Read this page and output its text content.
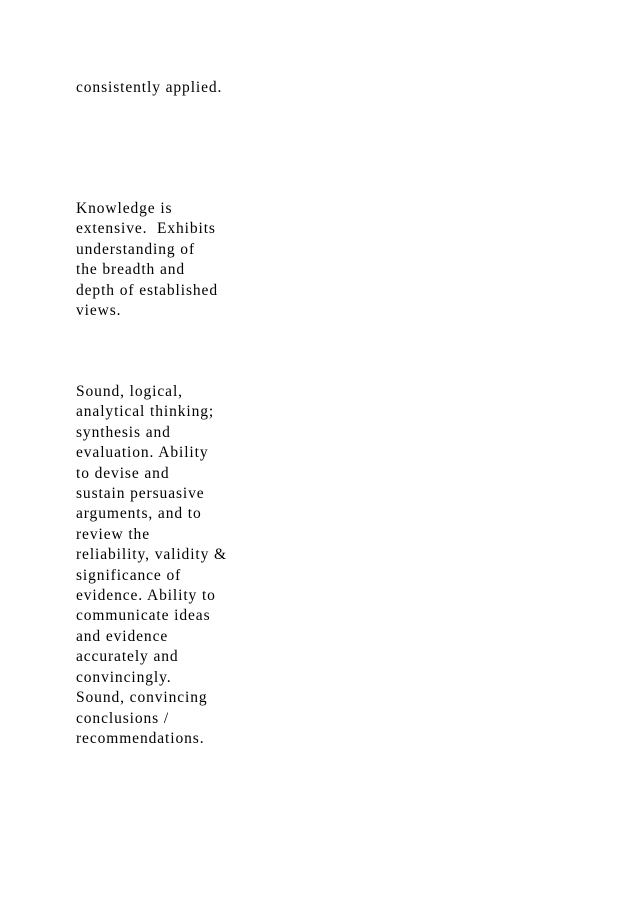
consistently applied.

Knowledge is
extensive.  Exhibits
understanding of
the breadth and
depth of established
views.

Sound, logical,
analytical thinking;
synthesis and
evaluation. Ability
to devise and
sustain persuasive
arguments, and to
review the
reliability, validity &
significance of
evidence. Ability to
communicate ideas
and evidence
accurately and
convincingly.
Sound, convincing
conclusions /
recommendations.
